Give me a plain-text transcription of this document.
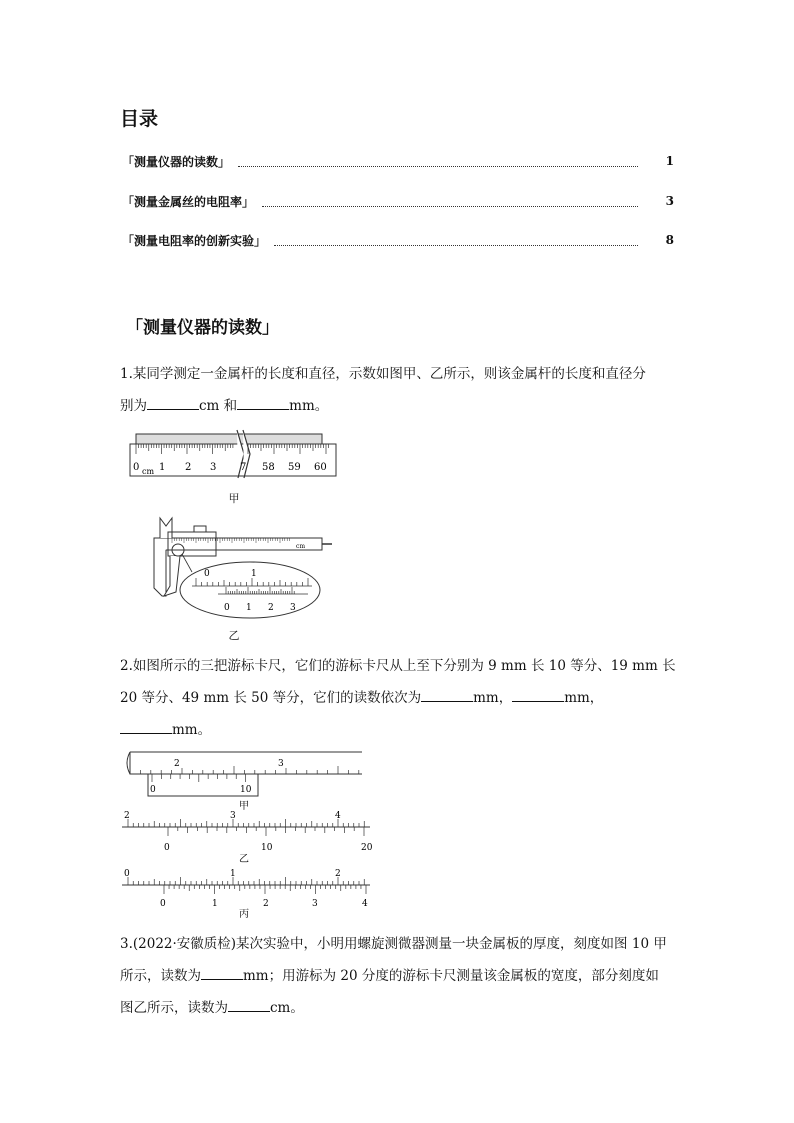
目录
「测量仪器的读数」	1
「测量金属丝的电阻率」	3
「测量电阻率的创新实验」	8
「测量仪器的读数」
1.某同学测定一金属杆的长度和直径，示数如图甲、乙所示，则该金属杆的长度和直径分
别为	cm 和	mm。
0 cm 1 2 3 7 58 59 60
甲
cm
0	1
0 1 2 3
乙
2.如图所示的三把游标卡尺，它们的游标卡尺从上至下分别为 9 mm 长 10 等分、19 mm 长
20 等分、49 mm 长 50 等分，它们的读数依次为	mm，	mm，
mm。
2	3
0	10
甲
2	3	4
0	10	20
乙
0	1	2
0	1	2	3	4
丙
3.(2022·安徽质检)某次实验中，小明用螺旋测微器测量一块金属板的厚度，刻度如图 10 甲
所示，读数为	mm；用游标为 20 分度的游标卡尺测量该金属板的宽度，部分刻度如
图乙所示，读数为	cm。
